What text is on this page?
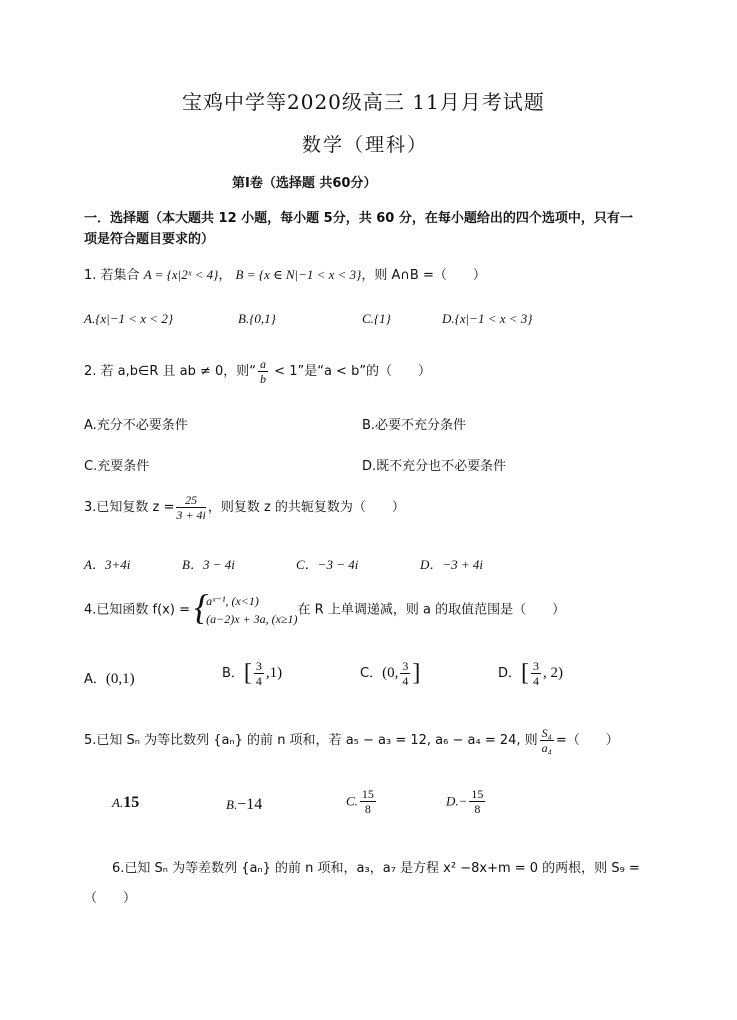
宝鸡中学等2020级高三 11月月考试题
数学（理科）
第Ⅰ卷（选择题 共60分）
一．选择题（本大题共 12 小题，每小题 5分，共 60 分，在每小题给出的四个选项中，只有一
项是符合题目要求的）
1. 若集合 A = {x|2ˣ < 4}， B = {x ∈ N|−1 < x < 3}，则 A∩B =（　　）
A.{x|−1 < x < 2}	B.{0,1}	C.{1}	D.{x|−1 < x < 3}
2. 若 a,b∈R 且 ab ≠ 0，则“ $\frac{a}{b} < 1$”是“a < b”的（　　）
A.充分不必要条件	B.必要不充分条件
C.充要条件	D.既不充分也不必要条件
3.已知复数 $z = \frac{25}{3 + 4i}$ ，则复数 z 的共轭复数为（　　）
A．3+4i	B．3 − 4i	C．−3 − 4i	D．−3 + 4i
4.已知函数 f(x) = {
aˣ⁻¹, (x<1)
(a−2)x + 3a, (x≥1)
在 R 上单调递减，则 a 的取值范围是（　　）
A．(0,1)	B．[ $\frac{3}{4} ,1$)	C．(0, $\frac{3}{4}$ ]	D．[ $\frac{3}{4}$ , 2)
5.已知 Sₙ 为等比数列 {aₙ} 的前 n 项和，若 a₅ − a₃ = 12, a₆ − a₄ = 24, 则 $\frac{\text{S₄}}{\text{a₄}}$ =（　　）
A.15	B.−14	C. $\frac{15}{8}$	$D.- \frac{15}{8}$
6.已知 Sₙ 为等差数列 {aₙ} 的前 n 项和，a₃，a₇ 是方程 x² −8x+m = 0 的两根，则 S₉ =
（　　）
